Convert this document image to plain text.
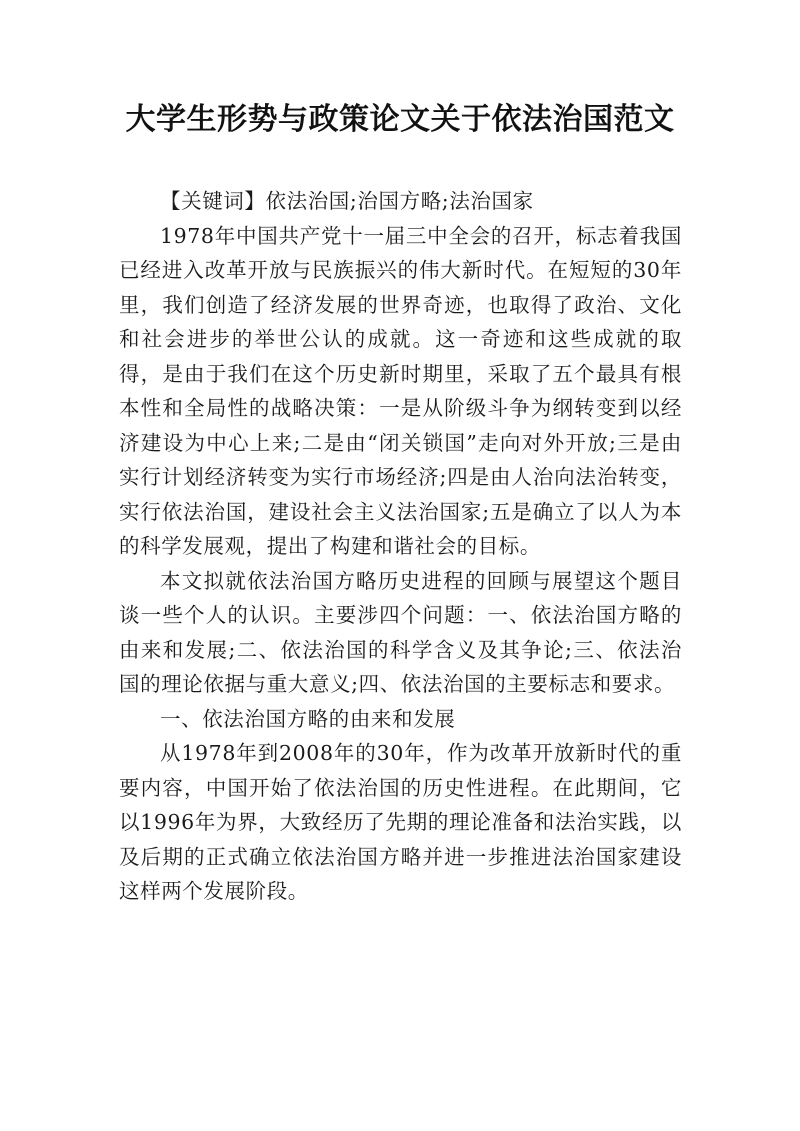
大学生形势与政策论文关于依法治国范文

【关键词】依法治国;治国方略;法治国家

1978年中国共产党十一届三中全会的召开，标志着我国已经进入改革开放与民族振兴的伟大新时代。在短短的30年里，我们创造了经济发展的世界奇迹，也取得了政治、文化和社会进步的举世公认的成就。这一奇迹和这些成就的取得，是由于我们在这个历史新时期里，采取了五个最具有根本性和全局性的战略决策：一是从阶级斗争为纲转变到以经济建设为中心上来;二是由“闭关锁国”走向对外开放;三是由实行计划经济转变为实行市场经济;四是由人治向法治转变，实行依法治国，建设社会主义法治国家;五是确立了以人为本的科学发展观，提出了构建和谐社会的目标。

本文拟就依法治国方略历史进程的回顾与展望这个题目谈一些个人的认识。主要涉四个问题：一、依法治国方略的由来和发展;二、依法治国的科学含义及其争论;三、依法治国的理论依据与重大意义;四、依法治国的主要标志和要求。

一、依法治国方略的由来和发展

从1978年到2008年的30年，作为改革开放新时代的重要内容，中国开始了依法治国的历史性进程。在此期间，它以1996年为界，大致经历了先期的理论准备和法治实践，以及后期的正式确立依法治国方略并进一步推进法治国家建设这样两个发展阶段。
